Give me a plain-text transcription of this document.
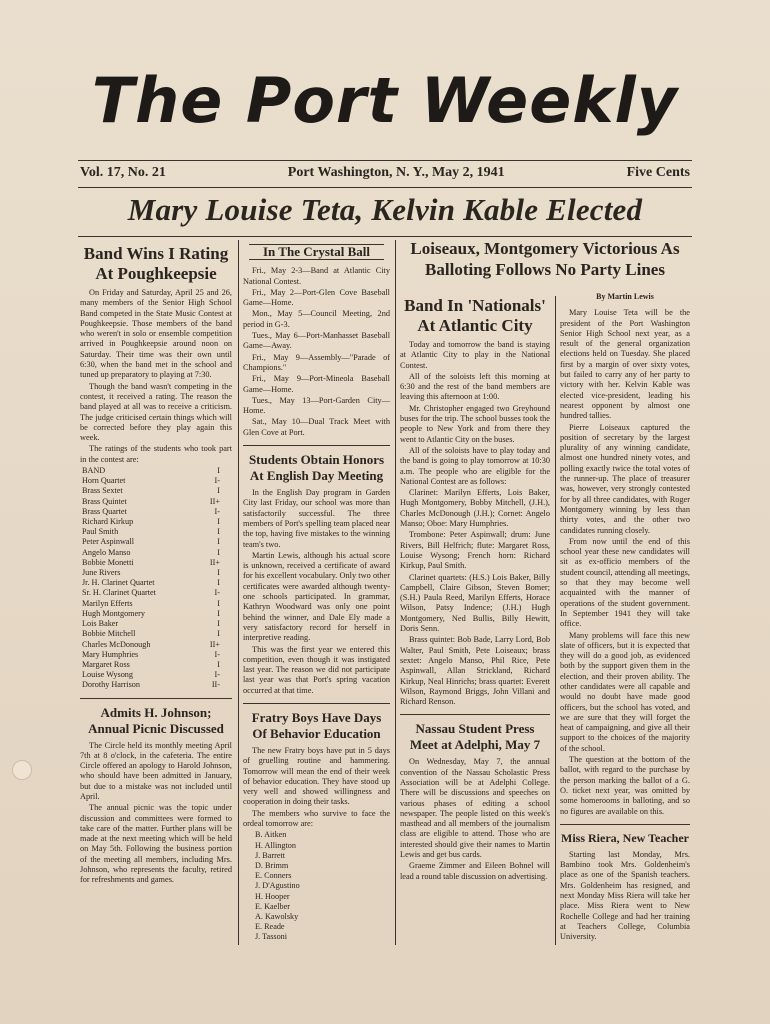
The Port Weekly
Vol. 17, No. 21	Port Washington, N. Y., May 2, 1941	Five Cents
Mary Louise Teta, Kelvin Kable Elected
Band Wins I Rating At Poughkeepsie

On Friday and Saturday, April 25 and 26, many members of the Senior High School Band competed in the State Music Contest at Poughkeepsie. Those members of the band who weren't in solo or ensemble competition arrived in Poughkeepsie around noon on Saturday. Their time was their own until 6:30, when the band met in the school and tuned up preparatory to playing at 7:30.

Though the band wasn't competing in the contest, it received a rating. The reason the band played at all was to receive a criticism. The judge criticised certain things which will be corrected before they play again this week.

The ratings of the students who took part in the contest are:

BAND	I
Horn Quartet	I-
Brass Sextet	I
Brass Quintet	II+
Brass Quartet	I-
Richard Kirkup	I
Paul Smith	I
Peter Aspinwall	I
Angelo Manso	I
Bobbie Monetti	II+
June Rivers	I
Jr. H. Clarinet Quartet	I
Sr. H. Clarinet Quartet	I-
Marilyn Efferts	I
Hugh Montgomery	I
Lois Baker	I
Bobbie Mitchell	I
Charles McDonough	II+
Mary Humphries	I-
Margaret Ross	I
Louise Wysong	I-
Dorothy Harrison	II-
Admits H. Johnson; Annual Picnic Discussed

The Circle held its monthly meeting April 7th at 8 o'clock, in the cafeteria. The entire Circle offered an apology to Harold Johnson, who should have been admitted in January, but due to a mistake was not included until April.

The annual picnic was the topic under discussion and committees were formed to take care of the matter. Further plans will be made at the next meeting which will be held on May 5th. Following the business portion of the meeting all members, including Mrs. Johnson, who represents the faculty, retired for refreshments and games.

In The Crystal Ball

Fri., May 2-3—Band at Atlantic City National Contest.

Fri., May 2—Port-Glen Cove Baseball Game—Home.

Mon., May 5—Council Meeting, 2nd period in G-3.

Tues., May 6—Port-Manhasset Baseball Game—Away.

Fri., May 9—Assembly—"Parade of Champions."

Fri., May 9—Port-Mineola Baseball Game—Home.

Tues., May 13—Port-Garden City—Home.

Sat., May 10—Dual Track Meet with Glen Cove at Port.

Students Obtain Honors At English Day Meeting

In the English Day program in Garden City last Friday, our school was more than satisfactorily successful. The three members of Port's spelling team placed near the top, having five mistakes to the winning team's two.

Martin Lewis, although his actual score is unknown, received a certificate of award for his excellent vocabulary. Only two other certificates were awarded although twenty-one schools participated. In grammar, Kathryn Woodward was only one point behind the winner, and Dale Ely made a very satisfactory record for herself in interpretive reading.

This was the first year we entered this competition, even though it was instigated last year. The reason we did not participate last year was that Port's spring vacation occurred at that time.

Fratry Boys Have Days Of Behavior Education

The new Fratry boys have put in 5 days of gruelling routine and hammering. Tomorrow will mean the end of their week of behavior education. They have stood up very well and showed willingness and cooperation in doing their tasks.

The members who survive to face the ordeal tomorrow are:

B. Aitken
H. Allington
J. Barrett
D. Brimm
E. Conners
J. D'Agustino
H. Hooper
E. Kaelber
A. Kawolsky
E. Reade
J. Tassoni
Loiseaux, Montgomery Victorious As Balloting Follows No Party Lines
Band In 'Nationals' At Atlantic City

Today and tomorrow the band is staying at Atlantic City to play in the National Contest.

All of the soloists left this morning at 6:30 and the rest of the band members are leaving this afternoon at 1:00.

Mr. Christopher engaged two Greyhound buses for the trip. The school busses took the people to New York and from there they went to Atlantic City on the buses.

All of the soloists have to play today and the band is going to play tomorrow at 10:30 a.m. The people who are eligible for the National Contest are as follows:

Clarinet: Marilyn Efferts, Lois Baker, Hugh Montgomery, Bobby Mitchell, (J.H.), Charles McDonough (J.H.); Cornet: Angelo Manso; Oboe: Mary Humphries.

Trombone: Peter Aspinwall; drum: June Rivers, Bill Helfrich; flute: Margaret Ross, Louise Wysong; French horn: Richard Kirkup, Paul Smith.

Clarinet quartets: (H.S.) Lois Baker, Billy Campbell, Claire Gibson, Steven Bomer; (S.H.) Paula Reed, Marilyn Efferts, Horace Wilson, Patsy Indence; (J.H.) Hugh Montgomery, Ned Bullis, Billy Hewitt, Doris Senn.

Brass quintet: Bob Bade, Larry Lord, Bob Walter, Paul Smith, Pete Loiseaux; brass sextet: Angelo Manso, Phil Rice, Pete Aspinwall, Allan Strickland, Richard Kirkup, Neal Hinrichs; brass quartet: Everett Wilson, Raymond Briggs, John Villani and Richard Renson.

Nassau Student Press Meet at Adelphi, May 7

On Wednesday, May 7, the annual convention of the Nassau Scholastic Press Association will be at Adelphi College. There will be discussions and speeches on various phases of editing a school newspaper. The people listed on this week's masthead and all members of the journalism class are eligible to attend. Those who are interested should give their names to Martin Lewis and get bus cards.

Graeme Zimmer and Eileen Bohnel will lead a round table discussion on advertising.

By Martin Lewis

Mary Louise Teta will be the president of the Port Washington Senior High School next year, as a result of the general organization elections held on Tuesday. She placed first by a margin of over sixty votes, but failed to carry any of her party to victory with her. Kelvin Kable was elected vice-president, leading his nearest opponent by almost one hundred tallies.

Pierre Loiseaux captured the position of secretary by the largest plurality of any winning candidate, almost one hundred ninety votes, and polling exactly twice the total votes of the runner-up. The place of treasurer was, however, very strongly contested for by all three candidates, with Roger Montgomery winning by less than thirty votes, and the other two candidates running closely.

From now until the end of this school year these new candidates will sit as ex-officio members of the student council, attending all meetings, so that they may become well acquainted with the manner of operations of the student government. In September 1941 they will take office.

Many problems will face this new slate of officers, but it is expected that they will do a good job, as evidenced both by the support given them in the election, and their proven ability. The other candidates were all capable and would no doubt have made good officers, but the school has voted, and we are sure that they will forget the heat of campaigning, and give all their support to the choices of the majority of the school.

The question at the bottom of the ballot, with regard to the purchase by the person marking the ballot of a G. O. ticket next year, was omitted by some homerooms in balloting, and so no figures are available on this.

Miss Riera, New Teacher

Starting last Monday, Mrs. Bambino took Mrs. Goldenheim's place as one of the Spanish teachers. Mrs. Goldenheim has resigned, and next Monday Miss Riera will take her place. Miss Riera went to New Rochelle College and had her training at Teachers College, Columbia University.
